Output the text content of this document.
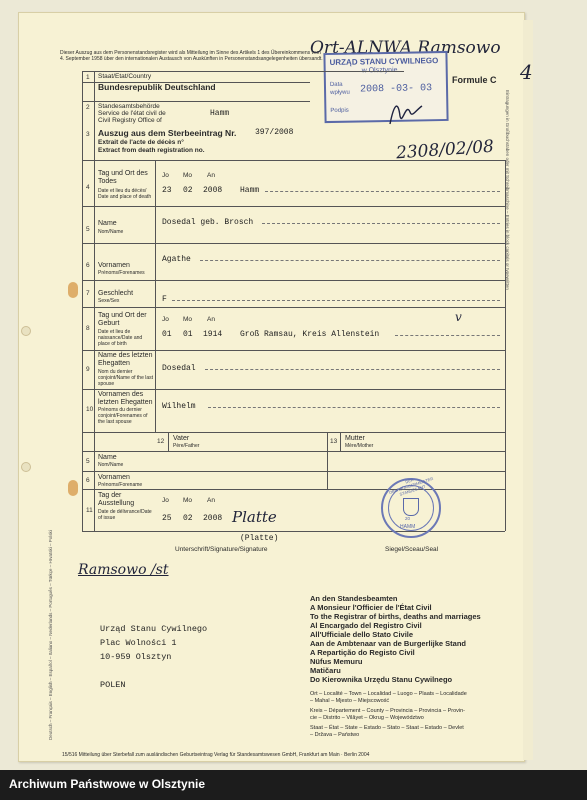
Dieser Auszug aus dem Personenstandsregister wird als Mitteilung im Sinne des Artikels 1 des Übereinkommens vom
4. September 1958 über den internationalen Austausch von Auskünften in Personenstandsangelegenheiten übersandt.
Ort-ALNWA Ramsowo
4
Formule C
2308/02/08
URZĄD STANU CYWILNEGO
w Olsztynie
Data wpływu 2008 -03- 03
Podpis
Deutsch – Français – English – Español – Italiano – Nederlands – Português – Türkçe – Hrvatski – Polski
Eintragungen in Großbuchstaben oder mit Schreibmaschine – Entries in block capitals or typewritten
1 Staat/Etat/Country
Bundesrepublik Deutschland
2 Standesamtsbehörde
Service de l'état civil de
Civil Registry Office of
Hamm
3 Auszug aus dem Sterbeeintrag Nr.
Extrait de l'acte de décès n°
Extract from death registration no.
397/2008
4
Tag und Ort des Todes
Date et lieu du décès/ Date and place of death
Jo Mo An
23 02 2008 Hamm
5
Name
Nom/Name
Dosedal geb. Brosch
6 Vornamen
Prénoms/Forenames
Agathe
7 Geschlecht
Sexe/Sex	F
8
Tag und Ort der Geburt
Date et lieu de naissance/Date and place of birth
Jo Mo An
01 01 1914 Groß Ramsau, Kreis Allenstein
v
9
Name des letzten Ehegatten
Nom du dernier conjoint/Name of the last spouse
Dosedal
10
Vornamen des letzten Ehegatten
Prénoms du dernier conjoint/Forenames of the last spouse
Wilhelm
12 Vater
Père/Father
13 Mutter
Mère/Mother
5
Name
Nom/Name
6 Vornamen
Prénoms/Forename
11
Tag der Ausstellung
Date de délivrance/Date of issue
Jo Mo An
25 02 2008 Platte
(Platte)
Unterschrift/Signature/Signature	Siegel/Sceau/Seal
DER OBERBÜRGERMEISTER STANDESAMT
20
HAMM
Ramsowo /st
Urząd Stanu Cywilnego
Plac Wolności 1
10-959 Olsztyn
POLEN
An den Standesbeamten
A Monsieur l'Officier de l'État Civil
To the Registrar of births, deaths and marriages
Al Encargado del Registro Civil
All'Ufficiale dello Stato Civile
Aan de Ambtenaar van de Burgerlijke Stand
A Repartição do Registo Civil
Nüfus Memuru
Matičaru
Do Kierownika Urzędu Stanu Cywilnego
Ort – Localité – Town – Localidad – Luogo – Plaats – Localidade
– Mahal – Mjesto – Miejscowość
Kreis – Département – County – Provincia – Provincia – Provin-
cie – Distrito – Vilâyet – Okrug – Województwo
Staat – État – State – Estado – Stato – Staat – Estado – Devlet
– Država – Państwo
15/516 Mitteilung über Sterbefall zum ausländischen Geburtseintrag Verlag für Standesamtswesen GmbH, Frankfurt am Main · Berlin 2004
Archiwum Państwowe w Olsztynie
